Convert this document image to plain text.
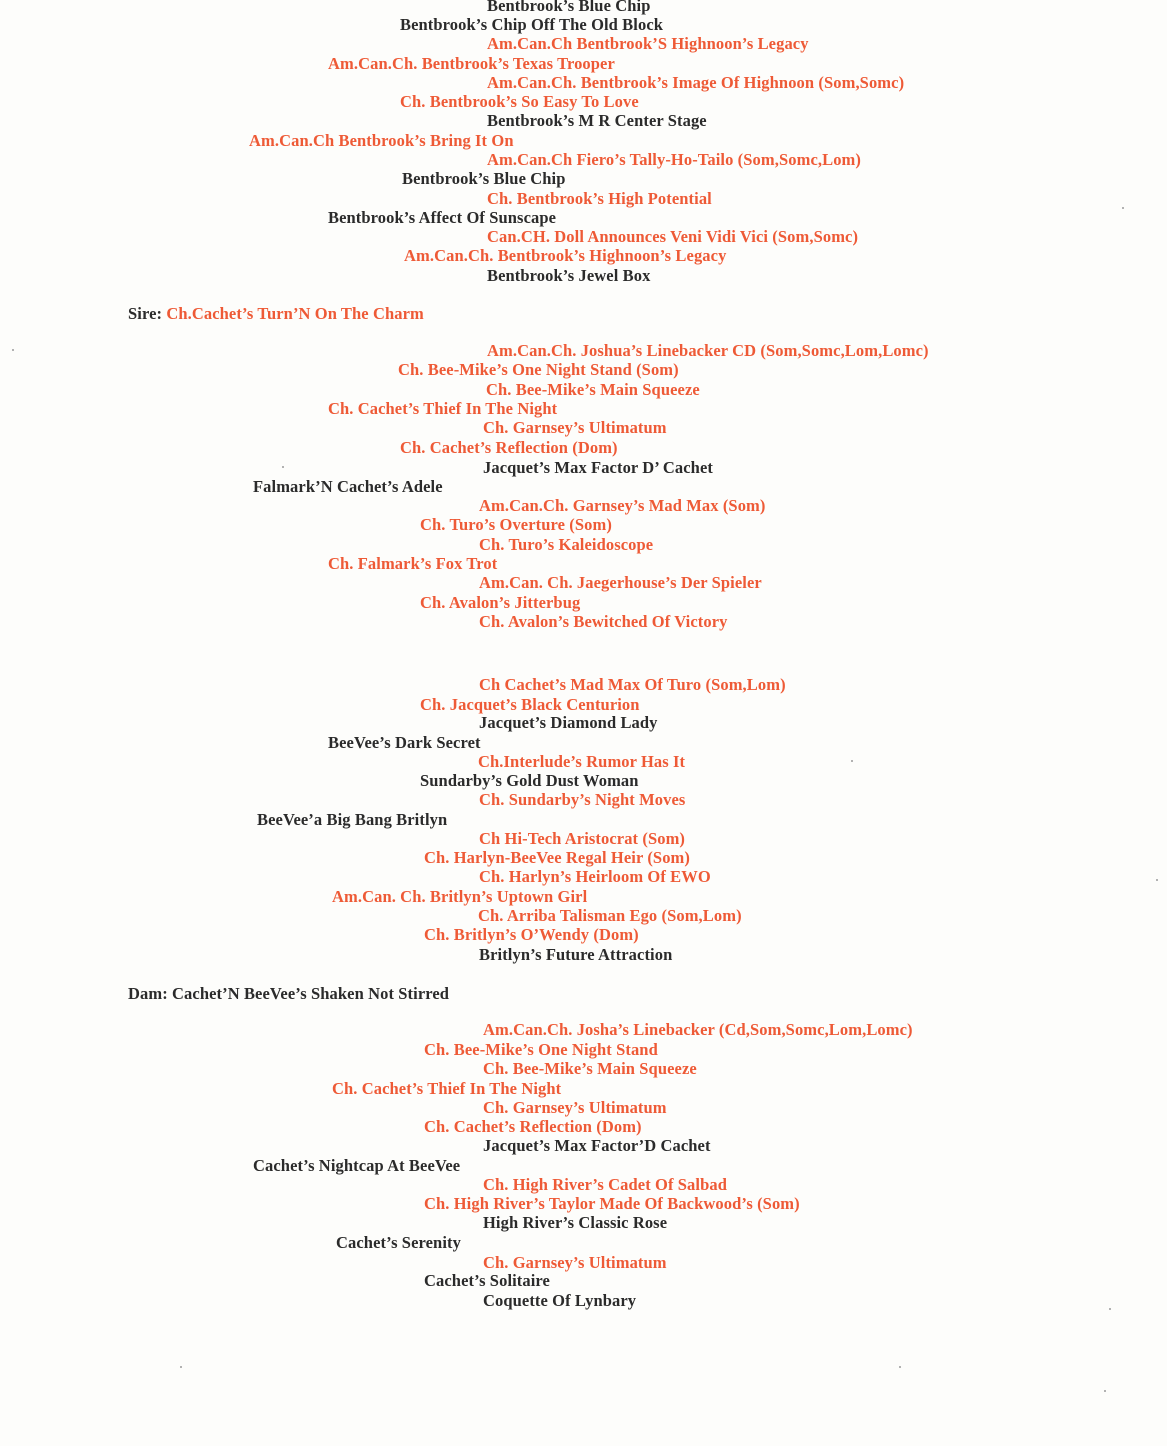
Bentbrook’s Blue Chip
Bentbrook’s Chip Off The Old Block
Am.Can.Ch Bentbrook’S Highnoon’s Legacy
Am.Can.Ch. Bentbrook’s Texas Trooper
Am.Can.Ch. Bentbrook’s Image Of Highnoon (Som,Somc)
Ch. Bentbrook’s So Easy To Love
Bentbrook’s M R Center Stage
Am.Can.Ch Bentbrook’s Bring It On
Am.Can.Ch Fiero’s Tally-Ho-Tailo (Som,Somc,Lom)
Bentbrook’s Blue Chip
Ch. Bentbrook’s High Potential
Bentbrook’s Affect Of Sunscape
Can.CH. Doll Announces Veni Vidi Vici (Som,Somc)
Am.Can.Ch. Bentbrook’s Highnoon’s Legacy
Bentbrook’s Jewel Box
Sire: Ch.Cachet’s Turn’N On The Charm
Am.Can.Ch. Joshua’s Linebacker CD (Som,Somc,Lom,Lomc)
Ch. Bee-Mike’s One Night Stand (Som)
Ch. Bee-Mike’s Main Squeeze
Ch. Cachet’s Thief In The Night
Ch. Garnsey’s Ultimatum
Ch. Cachet’s Reflection (Dom)
Jacquet’s Max Factor D’ Cachet
Falmark’N Cachet’s Adele
Am.Can.Ch. Garnsey’s Mad Max (Som)
Ch. Turo’s Overture (Som)
Ch. Turo’s Kaleidoscope
Ch. Falmark’s Fox Trot
Am.Can. Ch. Jaegerhouse’s Der Spieler
Ch. Avalon’s Jitterbug
Ch. Avalon’s Bewitched Of Victory
Ch Cachet’s Mad Max Of Turo (Som,Lom)
Ch. Jacquet’s Black Centurion
Jacquet’s Diamond Lady
BeeVee’s Dark Secret
Ch.Interlude’s Rumor Has It
Sundarby’s Gold Dust Woman
Ch. Sundarby’s Night Moves
BeeVee’a Big Bang Britlyn
Ch Hi-Tech Aristocrat (Som)
Ch. Harlyn-BeeVee Regal Heir (Som)
Ch. Harlyn’s Heirloom Of EWO
Am.Can. Ch. Britlyn’s Uptown Girl
Ch. Arriba Talisman Ego (Som,Lom)
Ch. Britlyn’s O’Wendy (Dom)
Britlyn’s Future Attraction
Dam: Cachet’N BeeVee’s Shaken Not Stirred
Am.Can.Ch. Josha’s Linebacker (Cd,Som,Somc,Lom,Lomc)
Ch. Bee-Mike’s One Night Stand
Ch. Bee-Mike’s Main Squeeze
Ch. Cachet’s Thief In The Night
Ch. Garnsey’s Ultimatum
Ch. Cachet’s Reflection (Dom)
Jacquet’s Max Factor’D Cachet
Cachet’s Nightcap At BeeVee
Ch. High River’s Cadet Of Salbad
Ch. High River’s Taylor Made Of Backwood’s (Som)
High River’s Classic Rose
Cachet’s Serenity
Ch. Garnsey’s Ultimatum
Cachet’s Solitaire
Coquette Of Lynbary
